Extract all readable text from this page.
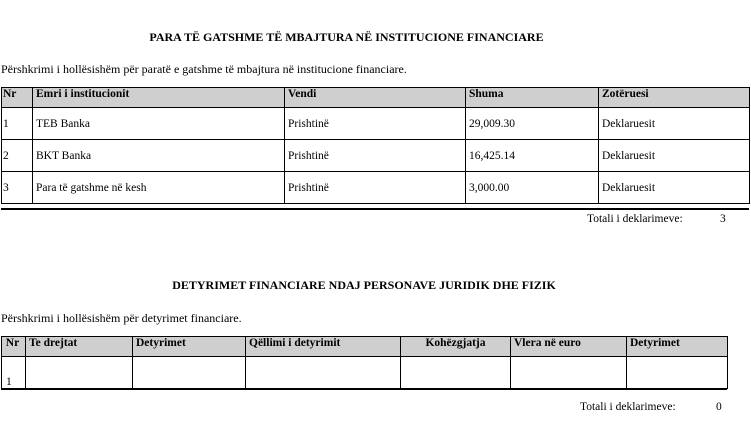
PARA TË GATSHME TË MBAJTURA NË INSTITUCIONE FINANCIARE
Përshkrimi i hollësishëm për paratë e gatshme të mbajtura në institucione financiare.
Nr	Emri i institucionit	Vendi	Shuma	Zotëruesi
1	TEB Banka	Prishtinë	29,009.30	Deklaruesit
2	BKT Banka	Prishtinë	16,425.14	Deklaruesit
3	Para të gatshme në kesh	Prishtinë	3,000.00	Deklaruesit
Totali i deklarimeve:	3
DETYRIMET FINANCIARE NDAJ PERSONAVE JURIDIK DHE FIZIK
Përshkrimi i hollësishëm për detyrimet financiare.
Nr	Te drejtat	Detyrimet	Qëllimi i detyrimit	Kohëzgjatja	Vlera në euro	Detyrimet
1						
Totali i deklarimeve:	0
